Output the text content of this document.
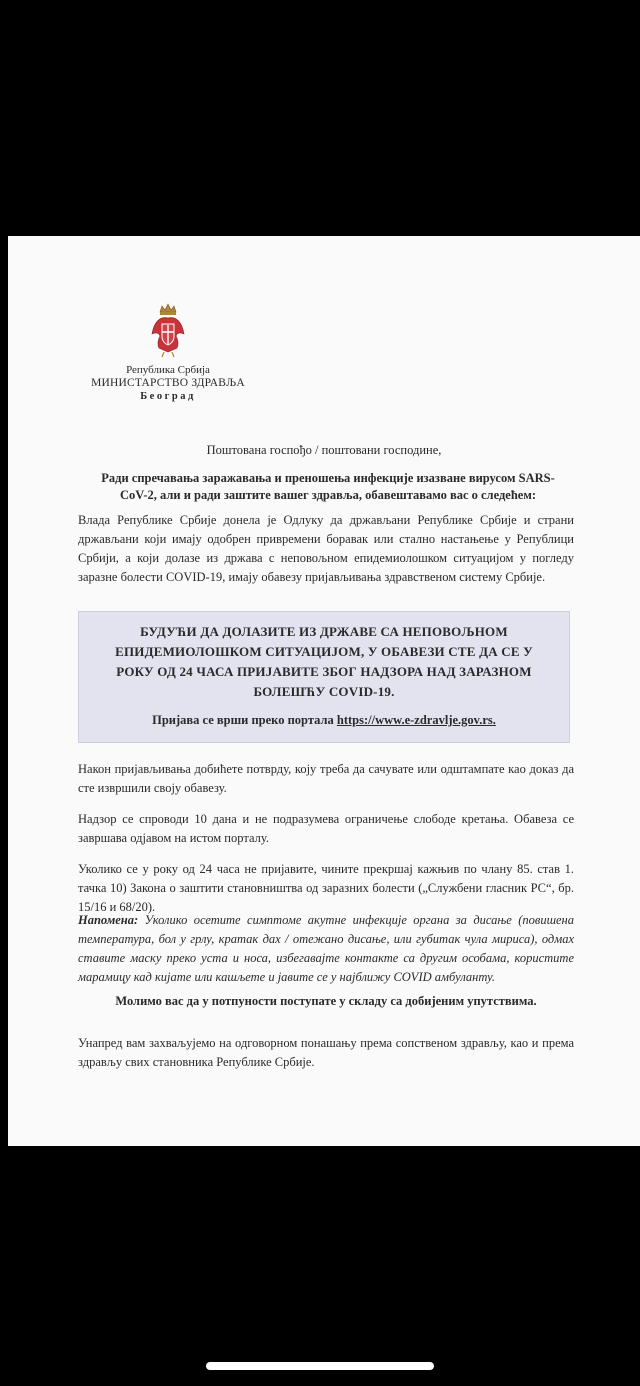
Република Србија
МИНИСТАРСТВО ЗДРАВЉА
Београд
Поштована госпођо / поштовани господине,
Ради спречавања заражавања и преношења инфекције изазване вирусом SARS-CoV-2, али и ради заштите вашег здравља, обавештавамо вас о следећем:
Влада Републике Србије донела је Одлуку да држављани Републике Србије и страни држављани који имају одобрен привремени боравак или стално настањење у Републици Србији, а који долазе из држава с неповољном епидемиолошком ситуацијом у погледу заразне болести COVID-19, имају обавезу пријављивања здравственом систему Србије.
БУДУЋИ ДА ДОЛАЗИТЕ ИЗ ДРЖАВЕ СА НЕПОВОЉНОМ ЕПИДЕМИОЛОШКОМ СИТУАЦИЈОМ, У ОБАВЕЗИ СТЕ ДА СЕ У РОКУ ОД 24 ЧАСА ПРИЈАВИТЕ ЗБОГ НАДЗОРА НАД ЗАРАЗНОМ БОЛЕШЋУ COVID-19.
Пријава се врши преко портала https://www.e-zdravlje.gov.rs.
Након пријављивања добићете потврду, коју треба да сачувате или одштампате као доказ да сте извршили своју обавезу.
Надзор се спроводи 10 дана и не подразумева ограничење слободе кретања. Обавеза се завршава одјавом на истом порталу.
Уколико се у року од 24 часа не пријавите, чините прекршај кажњив по члану 85. став 1. тачка 10) Закона о заштити становништва од заразних болести („Службени гласник РС“, бр. 15/16 и 68/20).
Напомена: Уколико осетите симптоме акутне инфекције органа за дисање (повишена температура, бол у грлу, кратак дах / отежано дисање, или губитак чула мириса), одмах ставите маску преко уста и носа, избегавајте контакте са другим особама, користите марамицу кад кијате или кашљете и јавите се у најближу COVID амбуланту.
Молимо вас да у потпуности поступате у складу са добијеним упутствима.
Унапред вам захваљујемо на одговорном понашању према сопственом здрављу, као и према здрављу свих становника Републике Србије.
